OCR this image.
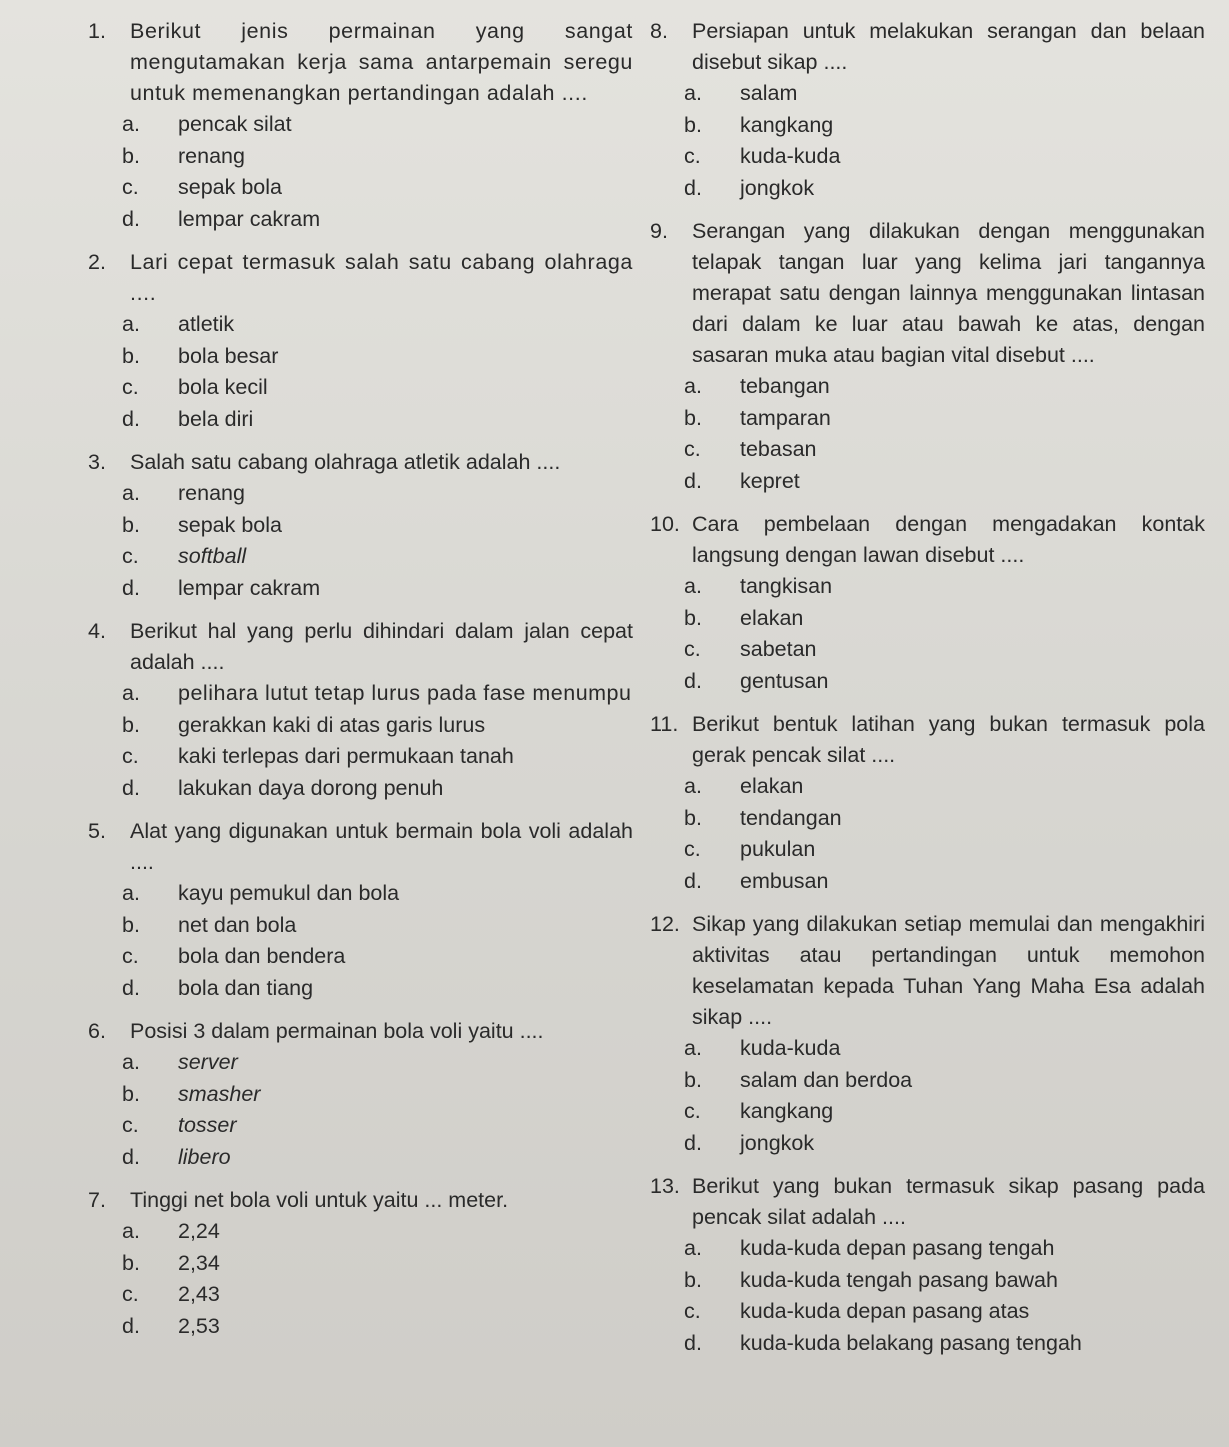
1.	Berikut jenis permainan yang sangat mengutamakan kerja sama antarpemain seregu untuk memenangkan pertandingan adalah ....
a.	pencak silat
b.	renang
c.	sepak bola
d.	lempar cakram
2.	Lari cepat termasuk salah satu cabang olahraga ....
a.	atletik
b.	bola besar
c.	bola kecil
d.	bela diri
3.	Salah satu cabang olahraga atletik adalah ....
a.	renang
b.	sepak bola
c.	softball
d.	lempar cakram
4.	Berikut hal yang perlu dihindari dalam jalan cepat adalah ....
a.	pelihara lutut tetap lurus pada fase menumpu
b.	gerakkan kaki di atas garis lurus
c.	kaki terlepas dari permukaan tanah
d.	lakukan daya dorong penuh
5.	Alat yang digunakan untuk bermain bola voli adalah ....
a.	kayu pemukul dan bola
b.	net dan bola
c.	bola dan bendera
d.	bola dan tiang
6.	Posisi 3 dalam permainan bola voli yaitu ....
a.	server
b.	smasher
c.	tosser
d.	libero
7.	Tinggi net bola voli untuk yaitu ... meter.
a.	2,24
b.	2,34
c.	2,43
d.	2,53
8.	Persiapan untuk melakukan serangan dan belaan disebut sikap ....
a.	salam
b.	kangkang
c.	kuda-kuda
d.	jongkok
9.	Serangan yang dilakukan dengan menggunakan telapak tangan luar yang kelima jari tangannya merapat satu dengan lainnya menggunakan lintasan dari dalam ke luar atau bawah ke atas, dengan sasaran muka atau bagian vital disebut ....
a.	tebangan
b.	tamparan
c.	tebasan
d.	kepret
10. Cara pembelaan dengan mengadakan kontak langsung dengan lawan disebut ....
a.	tangkisan
b.	elakan
c.	sabetan
d.	gentusan
11. Berikut bentuk latihan yang bukan termasuk pola gerak pencak silat ....
a.	elakan
b.	tendangan
c.	pukulan
d.	embusan
12. Sikap yang dilakukan setiap memulai dan mengakhiri aktivitas atau pertandingan untuk memohon keselamatan kepada Tuhan Yang Maha Esa adalah sikap ....
a.	kuda-kuda
b.	salam dan berdoa
c.	kangkang
d.	jongkok
13. Berikut yang bukan termasuk sikap pasang pada pencak silat adalah ....
a.	kuda-kuda depan pasang tengah
b.	kuda-kuda tengah pasang bawah
c.	kuda-kuda depan pasang atas
d.	kuda-kuda belakang pasang tengah
